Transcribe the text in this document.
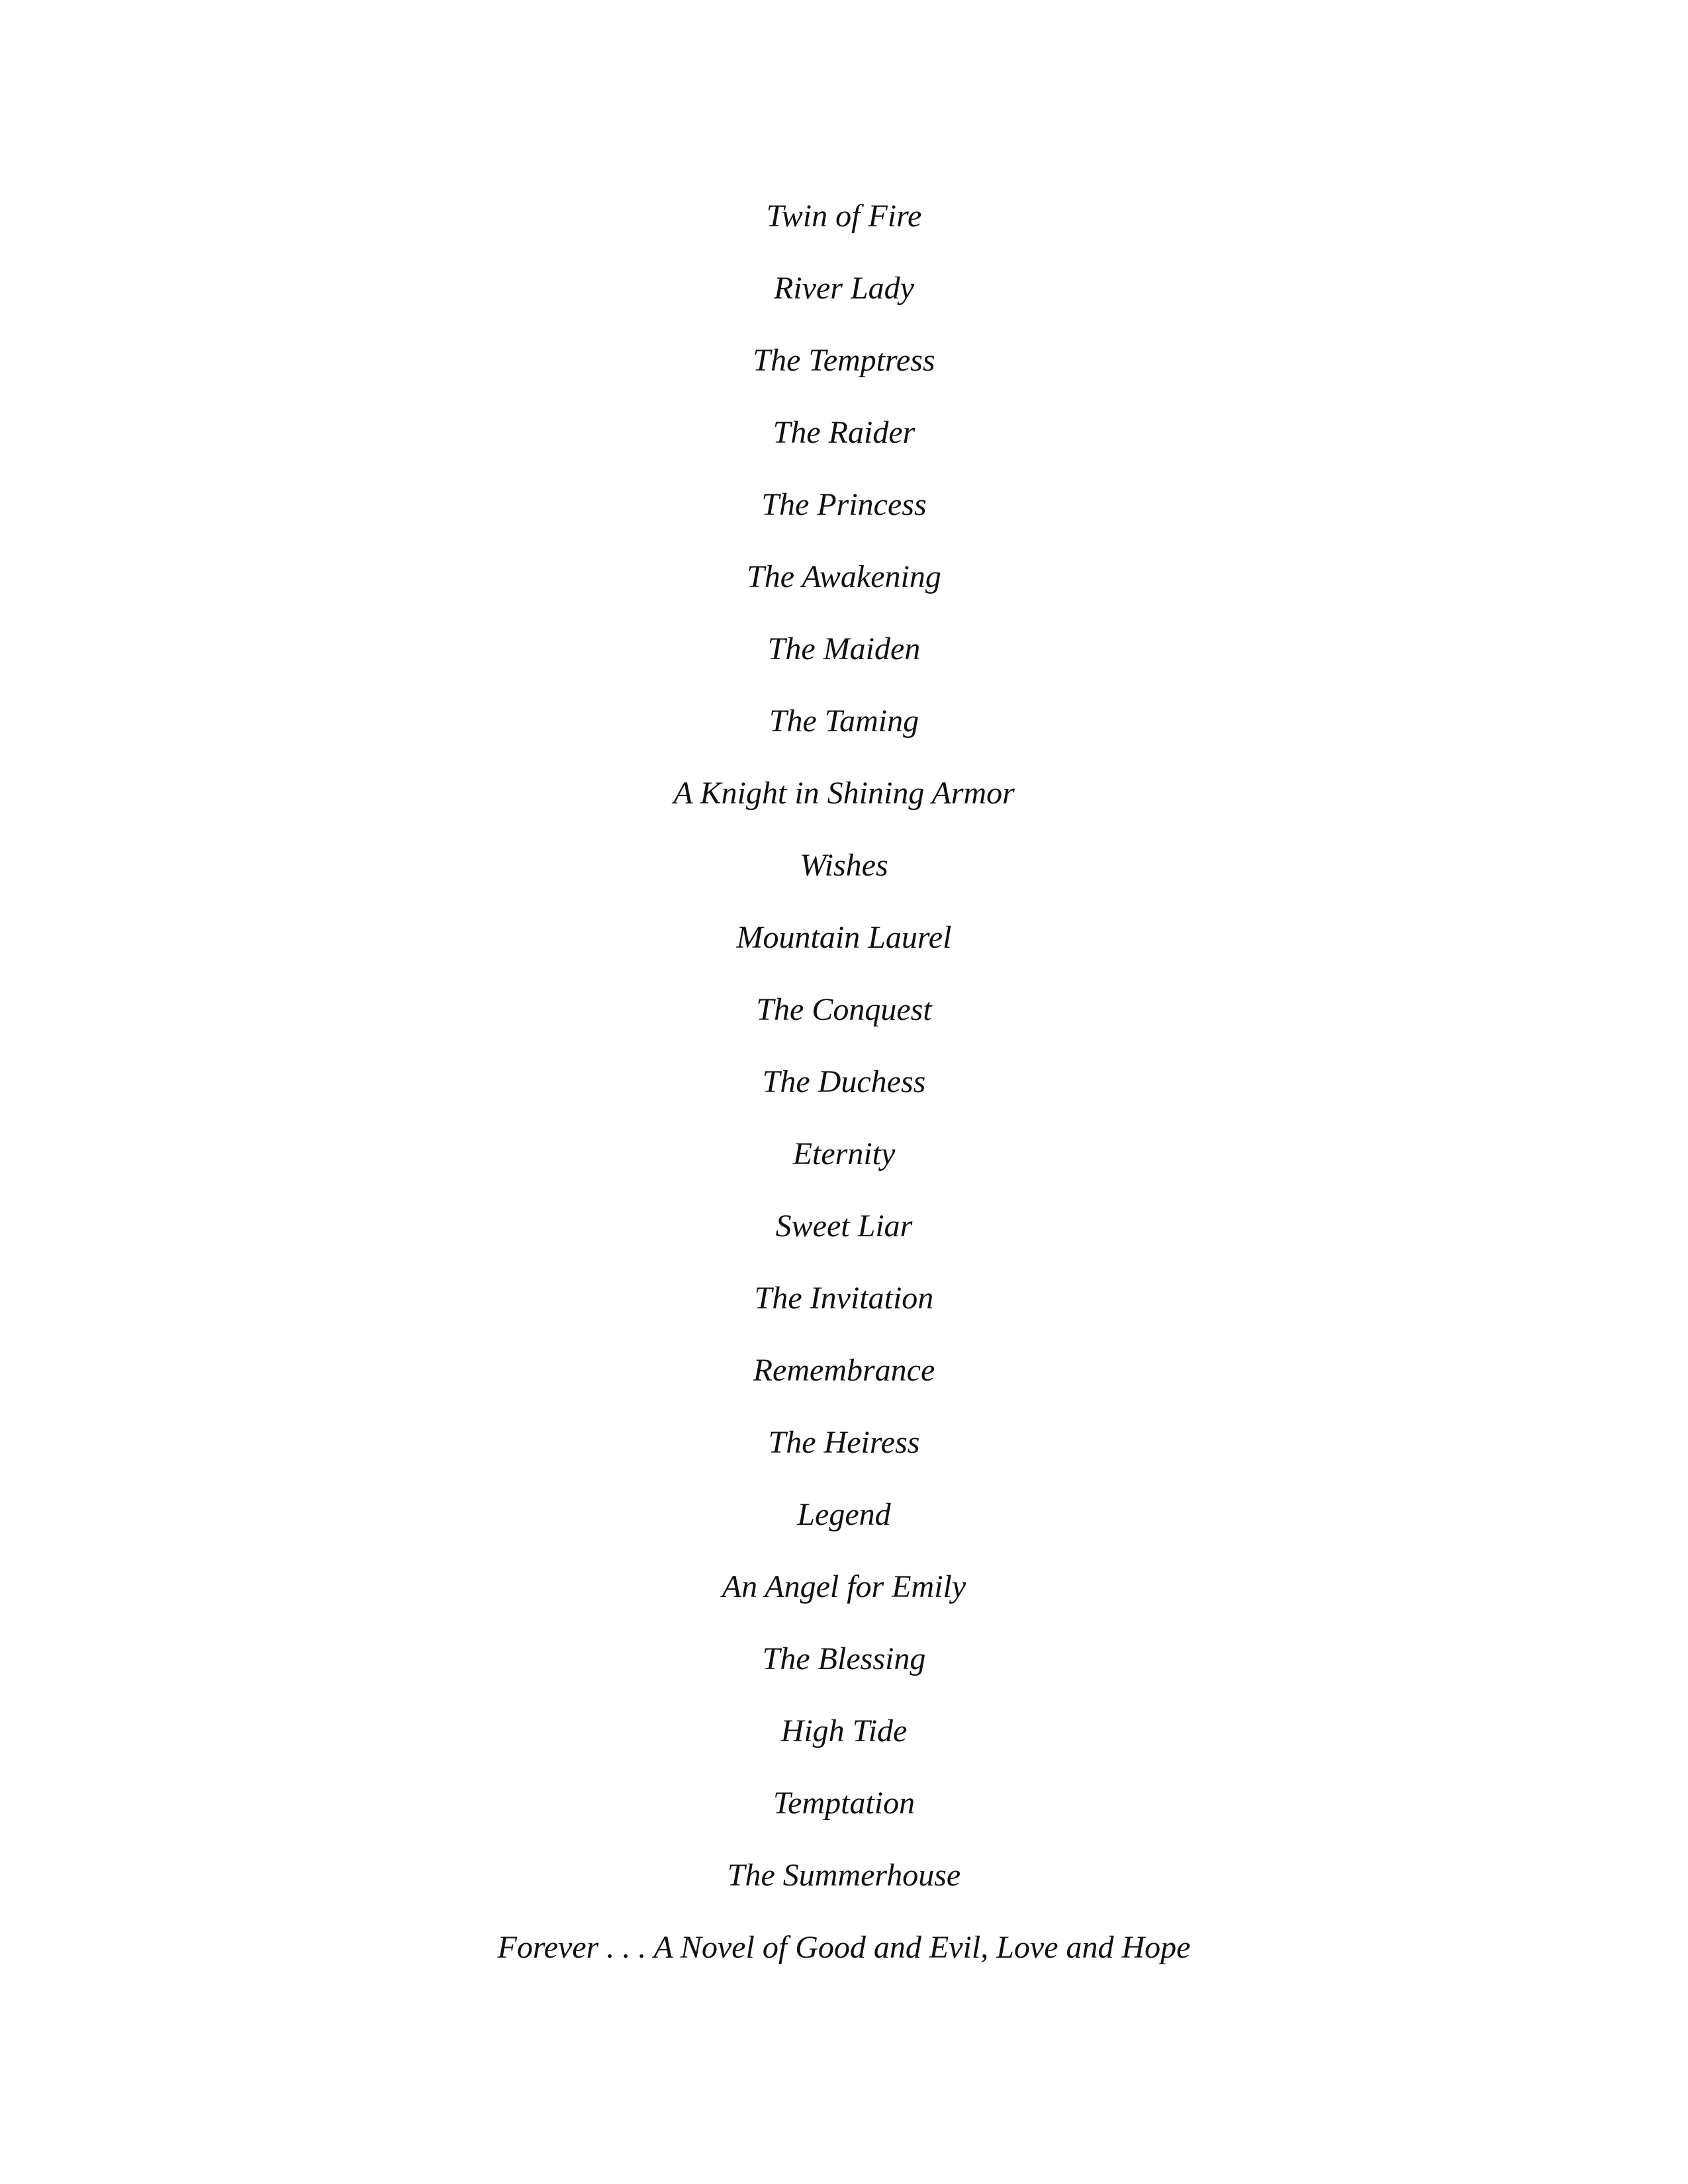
Twin of Fire
River Lady
The Temptress
The Raider
The Princess
The Awakening
The Maiden
The Taming
A Knight in Shining Armor
Wishes
Mountain Laurel
The Conquest
The Duchess
Eternity
Sweet Liar
The Invitation
Remembrance
The Heiress
Legend
An Angel for Emily
The Blessing
High Tide
Temptation
The Summerhouse
Forever . . . A Novel of Good and Evil, Love and Hope
